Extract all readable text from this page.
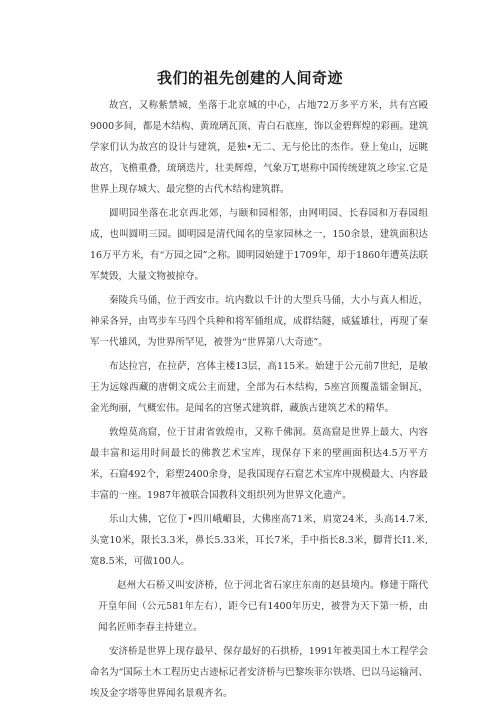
我们的祖先创建的人间奇迹

故宫，又称紫禁城，坐落于北京城的中心，占地72万多平方米，共有宫殿9000多间，都是木结构、黄琉璃瓦顶、青白石底座，饰以金碧辉煌的彩画。建筑学家们认为故宫的设计与建筑，是独•无二、无与伦比的杰作。登上兔山，远眺故宫，飞檐重叠，琉璃迭片，壮美辉煌，气象万T,堪称中国传统建筑之珍宝.它是世界上现存城大、最完整的古代木结构建筑群。

圆明园坐落在北京西北郊，与颐和园相邻，由网明园、长春园和万春园组成，也叫圆明三园。圆明园是清代闻名的皇家园林之一，150余景，建筑面积达16万平方米，有“万园之园”之称。圆明园始建于1709年，却于1860年遭英法联军焚毁，大量文物被掠夺。

秦陵兵马俑，位于西安市。坑内数以千计的大型兵马俑，大小与真人相近，神采各异，由骂步车马四个兵种和将军俑组成，成群结隧，威猛雄壮，再现了秦军一代雄风，为世界所罕见，被誉为“世界第八大奇迹”。

布达拉宫，在拉萨，宫体主楼13层，高115米。始建于公元前7世纪，是敏王为远嫁西藏的唐朝文成公主而建，全部为石木结构，5座宫顶覆盖镭金铜瓦，金光绚丽，气概宏伟。是闻名的宫堡式建筑群，藏族古建筑艺术的精华。

敦煌莫高窟，位于甘肃省敦煌市，又称千佛洞。莫高窟是世界上最大、内容最丰富和运用时间最长的佛教艺术宝库，现保存下来的壁画面积达4.5万平方米，石窟492个，彩塑2400余身，是我国现存石窟艺术宝库中规模最大、内容最丰富的一座。1987年被联合国教科文组织列为世界文化遗产。

乐山大佛，它位丁•四川峨嵋县，大佛座高71米，肩宽24米，头高14.7米,头宽10米，限长3.3米，鼻长5.33米，耳长7米，手中指长8.3米，脚背长I1.米,宽8.5米，可做100人。

赵州大石桥又叫安济桥，位于河北省石家庄东南的赵县境内。修建于隋代开皇年间（公元581年左右），距今已有1400年历史，被誉为天下第一桥，由闻名匠师李春主持建立。

安济桥是世界上现存最早、保存最好的石拱桥，1991年被美国土木工程学会命名为“国际土木工程历史古迹标记者安济桥与巴黎埃菲尔铁塔、巴以马运输河、埃及金字塔等世界闻名景观齐名。
